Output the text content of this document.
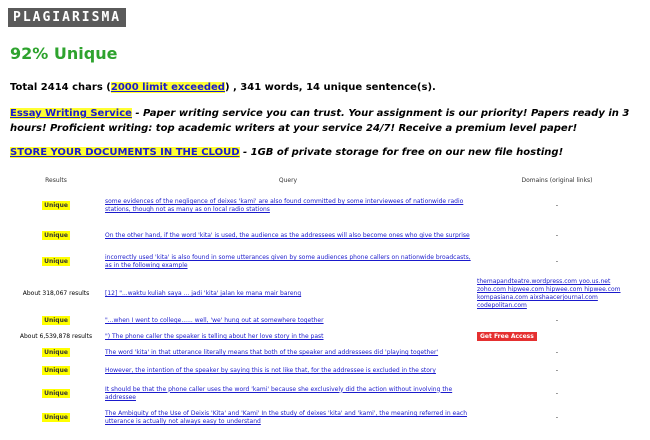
PLAGIARISMA
92% Unique
Total 2414 chars (2000 limit exceeded) , 341 words, 14 unique sentence(s).
Essay Writing Service - Paper writing service you can trust. Your assignment is our priority! Papers ready in 3 hours! Proficient writing: top academic writers at your service 24/7! Receive a premium level paper!
STORE YOUR DOCUMENTS IN THE CLOUD - 1GB of private storage for free on our new file hosting!
Results	Query	Domains (original links)
Unique	some evidences of the negligence of deixes 'kami' are also found committed by some interviewees of nationwide radio stations, though not as many as on local radio stations	-
Unique	On the other hand, if the word 'kita' is used, the audience as the addressees will also become ones who give the surprise	-
Unique	incorrectly used 'kita' is also found in some utterances given by some audiences phone callers on nationwide broadcasts, as in the following example	-
About 318,067 results	[12] "...waktu kuliah saya ... jadi 'kita' jalan ke mana mair bareng	themapandteatre.wordpress.com yoo.us.net zoho.com hipwee.com hipwee.com hipwee.com kompasiana.com aixshaacerjournal.com codepolitan.com
Unique	"...when I went to college...... well, 'we' hung out at somewhere together	-
About 6,539,878 results	") The phone caller the speaker is telling about her love story in the past	Get Free Access
Unique	The word 'kita' in that utterance literally means that both of the speaker and addressees did 'playing together'	-
Unique	However, the intention of the speaker by saying this is not like that, for the addressee is excluded in the story	-
Unique	It should be that the phone caller uses the word 'kami' because she exclusively did the action without involving the addressee	-
Unique	The Ambiguity of the Use of Deixis 'Kita' and 'Kami' In the study of deixes 'kita' and 'kami', the meaning referred in each utterance is actually not always easy to understand	-
